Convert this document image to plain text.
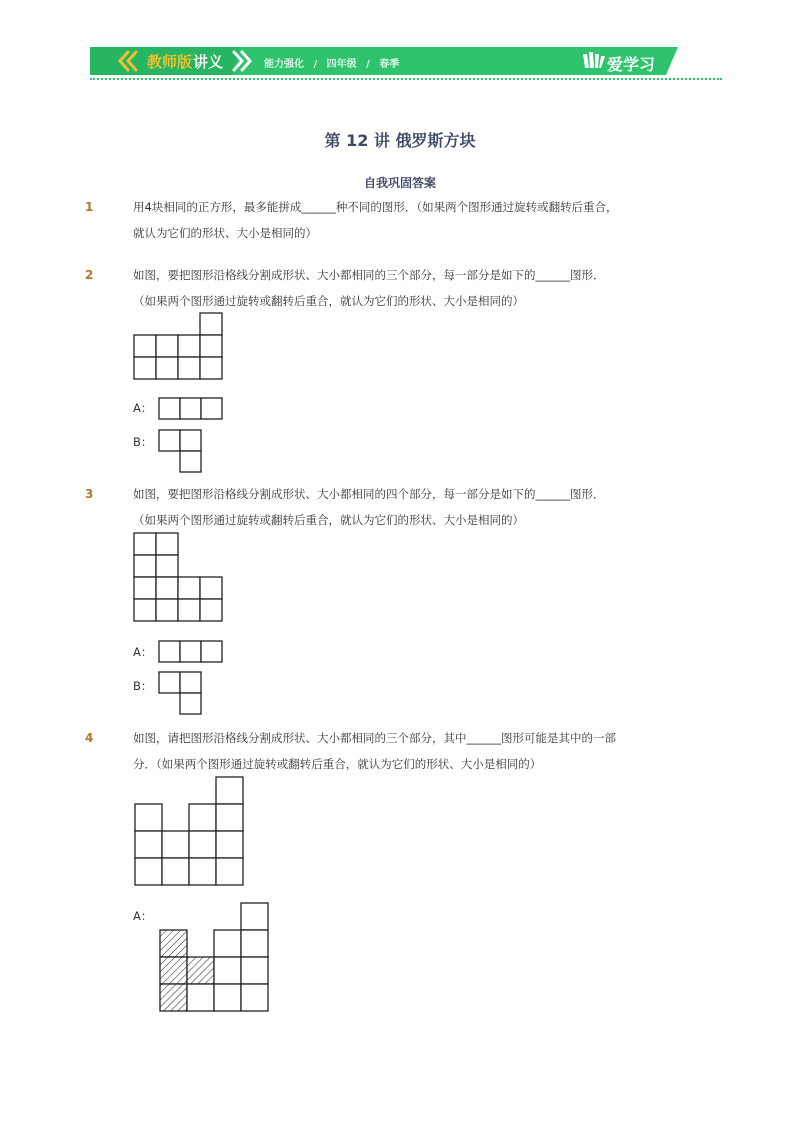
教师版 讲义	能力强化 / 四年级 / 春季	爱学习
第 12 讲 俄罗斯方块
自我巩固答案
1	用4块相同的正方形，最多能拼成______种不同的图形．（如果两个图形通过旋转或翻转后重合，
就认为它们的形状、大小是相同的）
2	如图，要把图形沿格线分割成形状、大小都相同的三个部分，每一部分是如下的______图形．
（如果两个图形通过旋转或翻转后重合，就认为它们的形状、大小是相同的）
A：
B：
3	如图，要把图形沿格线分割成形状、大小都相同的四个部分，每一部分是如下的______图形．
（如果两个图形通过旋转或翻转后重合，就认为它们的形状、大小是相同的）
A：
B：
4	如图，请把图形沿格线分割成形状、大小都相同的三个部分，其中______图形可能是其中的一部
分．（如果两个图形通过旋转或翻转后重合，就认为它们的形状、大小是相同的）
A：
